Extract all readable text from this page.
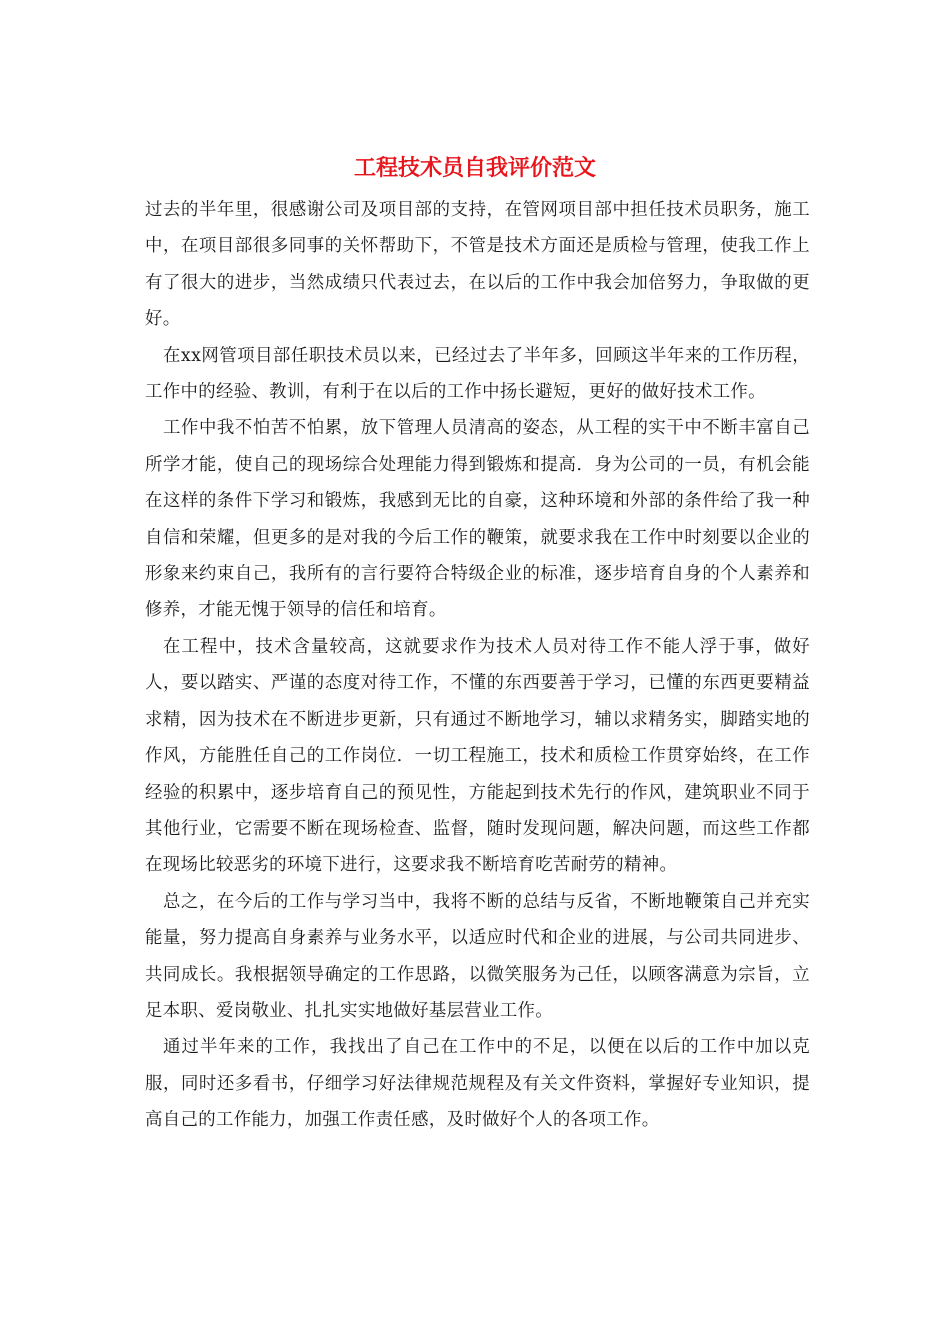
工程技术员自我评价范文

过去的半年里，很感谢公司及项目部的支持，在管网项目部中担任技术员职务，施工中，在项目部很多同事的关怀帮助下，不管是技术方面还是质检与管理，使我工作上有了很大的进步，当然成绩只代表过去，在以后的工作中我会加倍努力，争取做的更好。

在xx网管项目部任职技术员以来，已经过去了半年多，回顾这半年来的工作历程，工作中的经验、教训，有利于在以后的工作中扬长避短，更好的做好技术工作。

工作中我不怕苦不怕累，放下管理人员清高的姿态，从工程的实干中不断丰富自己所学才能，使自己的现场综合处理能力得到锻炼和提高．身为公司的一员，有机会能在这样的条件下学习和锻炼，我感到无比的自豪，这种环境和外部的条件给了我一种自信和荣耀，但更多的是对我的今后工作的鞭策，就要求我在工作中时刻要以企业的形象来约束自己，我所有的言行要符合特级企业的标准，逐步培育自身的个人素养和修养，才能无愧于领导的信任和培育。

在工程中，技术含量较高，这就要求作为技术人员对待工作不能人浮于事，做好人，要以踏实、严谨的态度对待工作，不懂的东西要善于学习，已懂的东西更要精益求精，因为技术在不断进步更新，只有通过不断地学习，辅以求精务实，脚踏实地的作风，方能胜任自己的工作岗位．一切工程施工，技术和质检工作贯穿始终，在工作经验的积累中，逐步培育自己的预见性，方能起到技术先行的作风，建筑职业不同于其他行业，它需要不断在现场检查、监督，随时发现问题，解决问题，而这些工作都在现场比较恶劣的环境下进行，这要求我不断培育吃苦耐劳的精神。

总之，在今后的工作与学习当中，我将不断的总结与反省，不断地鞭策自己并充实能量，努力提高自身素养与业务水平，以适应时代和企业的进展，与公司共同进步、共同成长。我根据领导确定的工作思路，以微笑服务为己任，以顾客满意为宗旨，立足本职、爱岗敬业、扎扎实实地做好基层营业工作。

通过半年来的工作，我找出了自己在工作中的不足，以便在以后的工作中加以克服，同时还多看书，仔细学习好法律规范规程及有关文件资料，掌握好专业知识，提高自己的工作能力，加强工作责任感，及时做好个人的各项工作。
